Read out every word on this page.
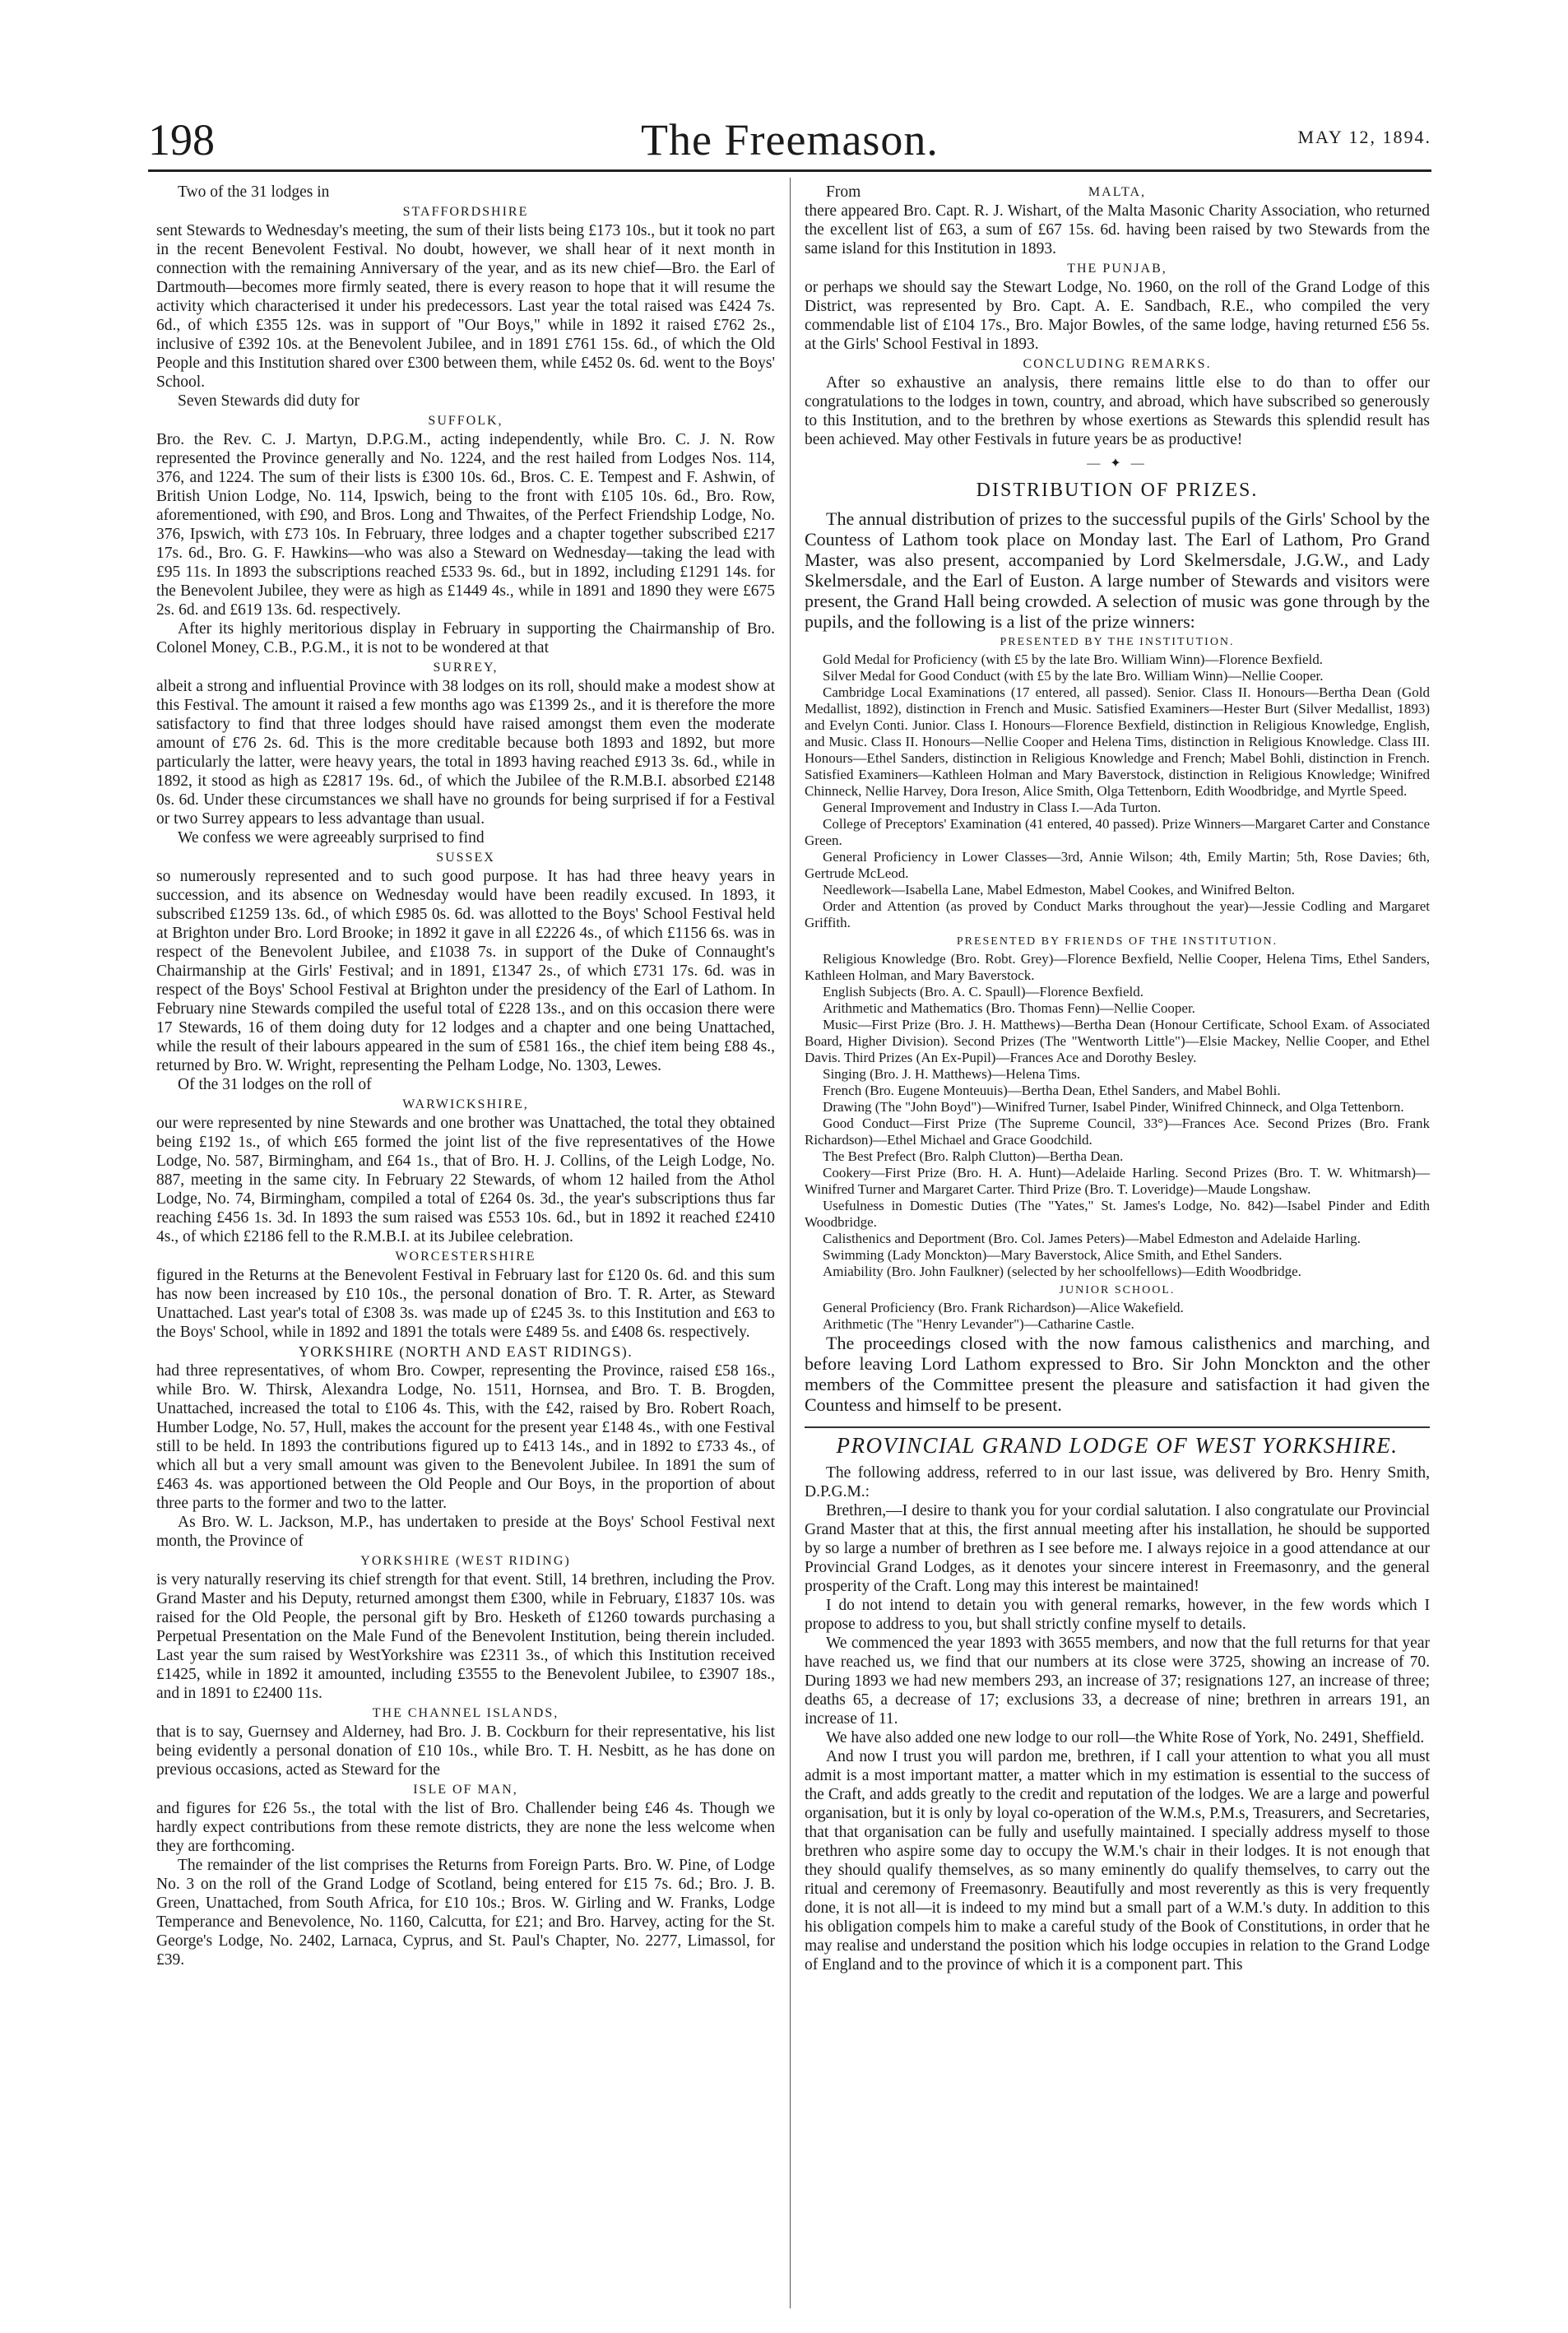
198	The Freemason.	MAY 12, 1894.

Two of the 31 lodges in

STAFFORDSHIRE

sent Stewards to Wednesday's meeting, the sum of their lists being £173 10s., but it took no part in the recent Benevolent Festival. No doubt, however, we shall hear of it next month in connection with the remaining Anniversary of the year, and as its new chief—Bro. the Earl of Dartmouth—becomes more firmly seated, there is every reason to hope that it will resume the activity which characterised it under his predecessors. Last year the total raised was £424 7s. 6d., of which £355 12s. was in support of "Our Boys," while in 1892 it raised £762 2s., inclusive of £392 10s. at the Benevolent Jubilee, and in 1891 £761 15s. 6d., of which the Old People and this Institution shared over £300 between them, while £452 0s. 6d. went to the Boys' School.

Seven Stewards did duty for

SUFFOLK,

Bro. the Rev. C. J. Martyn, D.P.G.M., acting independently, while Bro. C. J. N. Row represented the Province generally and No. 1224, and the rest hailed from Lodges Nos. 114, 376, and 1224. The sum of their lists is £300 10s. 6d., Bros. C. E. Tempest and F. Ashwin, of British Union Lodge, No. 114, Ipswich, being to the front with £105 10s. 6d., Bro. Row, aforementioned, with £90, and Bros. Long and Thwaites, of the Perfect Friendship Lodge, No. 376, Ipswich, with £73 10s. In February, three lodges and a chapter together subscribed £217 17s. 6d., Bro. G. F. Hawkins—who was also a Steward on Wednesday—taking the lead with £95 11s. In 1893 the subscriptions reached £533 9s. 6d., but in 1892, including £1291 14s. for the Benevolent Jubilee, they were as high as £1449 4s., while in 1891 and 1890 they were £675 2s. 6d. and £619 13s. 6d. respectively.

After its highly meritorious display in February in supporting the Chairmanship of Bro. Colonel Money, C.B., P.G.M., it is not to be wondered at that

SURREY,

albeit a strong and influential Province with 38 lodges on its roll, should make a modest show at this Festival. The amount it raised a few months ago was £1399 2s., and it is therefore the more satisfactory to find that three lodges should have raised amongst them even the moderate amount of £76 2s. 6d. This is the more creditable because both 1893 and 1892, but more particularly the latter, were heavy years, the total in 1893 having reached £913 3s. 6d., while in 1892, it stood as high as £2817 19s. 6d., of which the Jubilee of the R.M.B.I. absorbed £2148 0s. 6d. Under these circumstances we shall have no grounds for being surprised if for a Festival or two Surrey appears to less advantage than usual.

We confess we were agreeably surprised to find

SUSSEX

so numerously represented and to such good purpose. It has had three heavy years in succession, and its absence on Wednesday would have been readily excused. In 1893, it subscribed £1259 13s. 6d., of which £985 0s. 6d. was allotted to the Boys' School Festival held at Brighton under Bro. Lord Brooke; in 1892 it gave in all £2226 4s., of which £1156 6s. was in respect of the Benevolent Jubilee, and £1038 7s. in support of the Duke of Connaught's Chairmanship at the Girls' Festival; and in 1891, £1347 2s., of which £731 17s. 6d. was in respect of the Boys' School Festival at Brighton under the presidency of the Earl of Lathom. In February nine Stewards compiled the useful total of £228 13s., and on this occasion there were 17 Stewards, 16 of them doing duty for 12 lodges and a chapter and one being Unattached, while the result of their labours appeared in the sum of £581 16s., the chief item being £88 4s., returned by Bro. W. Wright, representing the Pelham Lodge, No. 1303, Lewes.

Of the 31 lodges on the roll of

WARWICKSHIRE,

our were represented by nine Stewards and one brother was Unattached, the total they obtained being £192 1s., of which £65 formed the joint list of the five representatives of the Howe Lodge, No. 587, Birmingham, and £64 1s., that of Bro. H. J. Collins, of the Leigh Lodge, No. 887, meeting in the same city. In February 22 Stewards, of whom 12 hailed from the Athol Lodge, No. 74, Birmingham, compiled a total of £264 0s. 3d., the year's subscriptions thus far reaching £456 1s. 3d. In 1893 the sum raised was £553 10s. 6d., but in 1892 it reached £2410 4s., of which £2186 fell to the R.M.B.I. at its Jubilee celebration.

WORCESTERSHIRE

figured in the Returns at the Benevolent Festival in February last for £120 0s. 6d. and this sum has now been increased by £10 10s., the personal donation of Bro. T. R. Arter, as Steward Unattached. Last year's total of £308 3s. was made up of £245 3s. to this Institution and £63 to the Boys' School, while in 1892 and 1891 the totals were £489 5s. and £408 6s. respectively.

YORKSHIRE (NORTH AND EAST RIDINGS).

had three representatives, of whom Bro. Cowper, representing the Province, raised £58 16s., while Bro. W. Thirsk, Alexandra Lodge, No. 1511, Hornsea, and Bro. T. B. Brogden, Unattached, increased the total to £106 4s. This, with the £42, raised by Bro. Robert Roach, Humber Lodge, No. 57, Hull, makes the account for the present year £148 4s., with one Festival still to be held. In 1893 the contributions figured up to £413 14s., and in 1892 to £733 4s., of which all but a very small amount was given to the Benevolent Jubilee. In 1891 the sum of £463 4s. was apportioned between the Old People and Our Boys, in the proportion of about three parts to the former and two to the latter.

As Bro. W. L. Jackson, M.P., has undertaken to preside at the Boys' School Festival next month, the Province of

YORKSHIRE (WEST RIDING)

is very naturally reserving its chief strength for that event. Still, 14 brethren, including the Prov. Grand Master and his Deputy, returned amongst them £300, while in February, £1837 10s. was raised for the Old People, the personal gift by Bro. Hesketh of £1260 towards purchasing a Perpetual Presentation on the Male Fund of the Benevolent Institution, being therein included. Last year the sum raised by WestYorkshire was £2311 3s., of which this Institution received £1425, while in 1892 it amounted, including £3555 to the Benevolent Jubilee, to £3907 18s., and in 1891 to £2400 11s.

THE CHANNEL ISLANDS,

that is to say, Guernsey and Alderney, had Bro. J. B. Cockburn for their representative, his list being evidently a personal donation of £10 10s., while Bro. T. H. Nesbitt, as he has done on previous occasions, acted as Steward for the

ISLE OF MAN,

and figures for £26 5s., the total with the list of Bro. Challender being £46 4s. Though we hardly expect contributions from these remote districts, they are none the less welcome when they are forthcoming.

The remainder of the list comprises the Returns from Foreign Parts. Bro. W. Pine, of Lodge No. 3 on the roll of the Grand Lodge of Scotland, being entered for £15 7s. 6d.; Bro. J. B. Green, Unattached, from South Africa, for £10 10s.; Bros. W. Girling and W. Franks, Lodge Temperance and Benevolence, No. 1160, Calcutta, for £21; and Bro. Harvey, acting for the St. George's Lodge, No. 2402, Larnaca, Cyprus, and St. Paul's Chapter, No. 2277, Limassol, for £39.

From	MALTA,

there appeared Bro. Capt. R. J. Wishart, of the Malta Masonic Charity Association, who returned the excellent list of £63, a sum of £67 15s. 6d. having been raised by two Stewards from the same island for this Institution in 1893.

THE PUNJAB,

or perhaps we should say the Stewart Lodge, No. 1960, on the roll of the Grand Lodge of this District, was represented by Bro. Capt. A. E. Sandbach, R.E., who compiled the very commendable list of £104 17s., Bro. Major Bowles, of the same lodge, having returned £56 5s. at the Girls' School Festival in 1893.

CONCLUDING REMARKS.

After so exhaustive an analysis, there remains little else to do than to offer our congratulations to the lodges in town, country, and abroad, which have subscribed so generously to this Institution, and to the brethren by whose exertions as Stewards this splendid result has been achieved. May other Festivals in future years be as productive!

— ✦ —
DISTRIBUTION OF PRIZES.

The annual distribution of prizes to the successful pupils of the Girls' School by the Countess of Lathom took place on Monday last. The Earl of Lathom, Pro Grand Master, was also present, accompanied by Lord Skelmersdale, J.G.W., and Lady Skelmersdale, and the Earl of Euston. A large number of Stewards and visitors were present, the Grand Hall being crowded. A selection of music was gone through by the pupils, and the following is a list of the prize winners:

PRESENTED BY THE INSTITUTION.

Gold Medal for Proficiency (with £5 by the late Bro. William Winn)—Florence Bexfield.

Silver Medal for Good Conduct (with £5 by the late Bro. William Winn)—Nellie Cooper.

Cambridge Local Examinations (17 entered, all passed). Senior. Class II. Honours—Bertha Dean (Gold Medallist, 1892), distinction in French and Music. Satisfied Examiners—Hester Burt (Silver Medallist, 1893) and Evelyn Conti. Junior. Class I. Honours—Florence Bexfield, distinction in Religious Knowledge, English, and Music. Class II. Honours—Nellie Cooper and Helena Tims, distinction in Religious Knowledge. Class III. Honours—Ethel Sanders, distinction in Religious Knowledge and French; Mabel Bohli, distinction in French. Satisfied Examiners—Kathleen Holman and Mary Baverstock, distinction in Religious Knowledge; Winifred Chinneck, Nellie Harvey, Dora Ireson, Alice Smith, Olga Tettenborn, Edith Woodbridge, and Myrtle Speed.

General Improvement and Industry in Class I.—Ada Turton.

College of Preceptors' Examination (41 entered, 40 passed). Prize Winners—Margaret Carter and Constance Green.

General Proficiency in Lower Classes—3rd, Annie Wilson; 4th, Emily Martin; 5th, Rose Davies; 6th, Gertrude McLeod.

Needlework—Isabella Lane, Mabel Edmeston, Mabel Cookes, and Winifred Belton.

Order and Attention (as proved by Conduct Marks throughout the year)—Jessie Codling and Margaret Griffith.

PRESENTED BY FRIENDS OF THE INSTITUTION.

Religious Knowledge (Bro. Robt. Grey)—Florence Bexfield, Nellie Cooper, Helena Tims, Ethel Sanders, Kathleen Holman, and Mary Baverstock.

English Subjects (Bro. A. C. Spaull)—Florence Bexfield.

Arithmetic and Mathematics (Bro. Thomas Fenn)—Nellie Cooper.

Music—First Prize (Bro. J. H. Matthews)—Bertha Dean (Honour Certificate, School Exam. of Associated Board, Higher Division). Second Prizes (The "Wentworth Little")—Elsie Mackey, Nellie Cooper, and Ethel Davis. Third Prizes (An Ex-Pupil)—Frances Ace and Dorothy Besley.

Singing (Bro. J. H. Matthews)—Helena Tims.

French (Bro. Eugene Monteuuis)—Bertha Dean, Ethel Sanders, and Mabel Bohli.

Drawing (The "John Boyd")—Winifred Turner, Isabel Pinder, Winifred Chinneck, and Olga Tettenborn.

Good Conduct—First Prize (The Supreme Council, 33°)—Frances Ace. Second Prizes (Bro. Frank Richardson)—Ethel Michael and Grace Goodchild.

The Best Prefect (Bro. Ralph Clutton)—Bertha Dean.

Cookery—First Prize (Bro. H. A. Hunt)—Adelaide Harling. Second Prizes (Bro. T. W. Whitmarsh)—Winifred Turner and Margaret Carter. Third Prize (Bro. T. Loveridge)—Maude Longshaw.

Usefulness in Domestic Duties (The "Yates," St. James's Lodge, No. 842)—Isabel Pinder and Edith Woodbridge.

Calisthenics and Deportment (Bro. Col. James Peters)—Mabel Edmeston and Adelaide Harling.

Swimming (Lady Monckton)—Mary Baverstock, Alice Smith, and Ethel Sanders.

Amiability (Bro. John Faulkner) (selected by her schoolfellows)—Edith Woodbridge.

JUNIOR SCHOOL.

General Proficiency (Bro. Frank Richardson)—Alice Wakefield.

Arithmetic (The "Henry Levander")—Catharine Castle.

The proceedings closed with the now famous calisthenics and marching, and before leaving Lord Lathom expressed to Bro. Sir John Monckton and the other members of the Committee present the pleasure and satisfaction it had given the Countess and himself to be present.

PROVINCIAL GRAND LODGE OF WEST YORKSHIRE.

The following address, referred to in our last issue, was delivered by Bro. Henry Smith, D.P.G.M.:

Brethren,—I desire to thank you for your cordial salutation. I also congratulate our Provincial Grand Master that at this, the first annual meeting after his installation, he should be supported by so large a number of brethren as I see before me. I always rejoice in a good attendance at our Provincial Grand Lodges, as it denotes your sincere interest in Freemasonry, and the general prosperity of the Craft. Long may this interest be maintained!

I do not intend to detain you with general remarks, however, in the few words which I propose to address to you, but shall strictly confine myself to details.

We commenced the year 1893 with 3655 members, and now that the full returns for that year have reached us, we find that our numbers at its close were 3725, showing an increase of 70. During 1893 we had new members 293, an increase of 37; resignations 127, an increase of three; deaths 65, a decrease of 17; exclusions 33, a decrease of nine; brethren in arrears 191, an increase of 11.

We have also added one new lodge to our roll—the White Rose of York, No. 2491, Sheffield.

And now I trust you will pardon me, brethren, if I call your attention to what you all must admit is a most important matter, a matter which in my estimation is essential to the success of the Craft, and adds greatly to the credit and reputation of the lodges. We are a large and powerful organisation, but it is only by loyal co-operation of the W.M.s, P.M.s, Treasurers, and Secretaries, that that organisation can be fully and usefully maintained. I specially address myself to those brethren who aspire some day to occupy the W.M.'s chair in their lodges. It is not enough that they should qualify themselves, as so many eminently do qualify themselves, to carry out the ritual and ceremony of Freemasonry. Beautifully and most reverently as this is very frequently done, it is not all—it is indeed to my mind but a small part of a W.M.'s duty. In addition to this his obligation compels him to make a careful study of the Book of Constitutions, in order that he may realise and understand the position which his lodge occupies in relation to the Grand Lodge of England and to the province of which it is a component part. This
